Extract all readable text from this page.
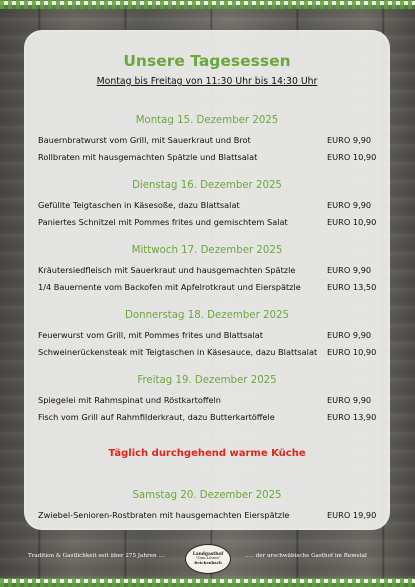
Unsere Tagesessen
Montag bis Freitag von 11:30 Uhr bis 14:30 Uhr
Montag 15. Dezember 2025
Bauernbratwurst vom Grill, mit Sauerkraut und Brot	EURO 9,90
Rollbraten mit hausgemachten Spätzle und Blattsalat	EURO 10,90
Dienstag 16. Dezember 2025
Gefüllte Teigtaschen in Käsesoße, dazu Blattsalat	EURO 9,90
Paniertes Schnitzel mit Pommes frites und gemischtem Salat	EURO 10,90
Mittwoch 17. Dezember 2025
Kräutersiedfleisch mit Sauerkraut und hausgemachten Spätzle	EURO 9,90
1/4 Bauernente vom Backofen mit Apfelrotkraut und Eierspätzle	EURO 13,50
Donnerstag 18. Dezember 2025
Feuerwurst vom Grill, mit Pommes frites und Blattsalat	EURO 9,90
Schweinerückensteak mit Teigtaschen in Käsesauce, dazu Blattsalat EURO 10,90
Freitag 19. Dezember 2025
Spiegelei mit Rahmspinat und Röstkartoffeln	EURO 9,90
Fisch vom Grill auf Rahmfilderkraut, dazu Butterkartöffele	EURO 13,90
Täglich durchgehend warme Küche
Samstag 20. Dezember 2025
Zwiebel-Senioren-Rostbraten mit hausgemachten Eierspätzle	EURO 19,90
Tradition & Gastlichkeit seit über 275 Jahren ....	Landgasthof
"Zum Löwen"
Reichenbach
..... der urschwäbische Gasthof im Remstal
